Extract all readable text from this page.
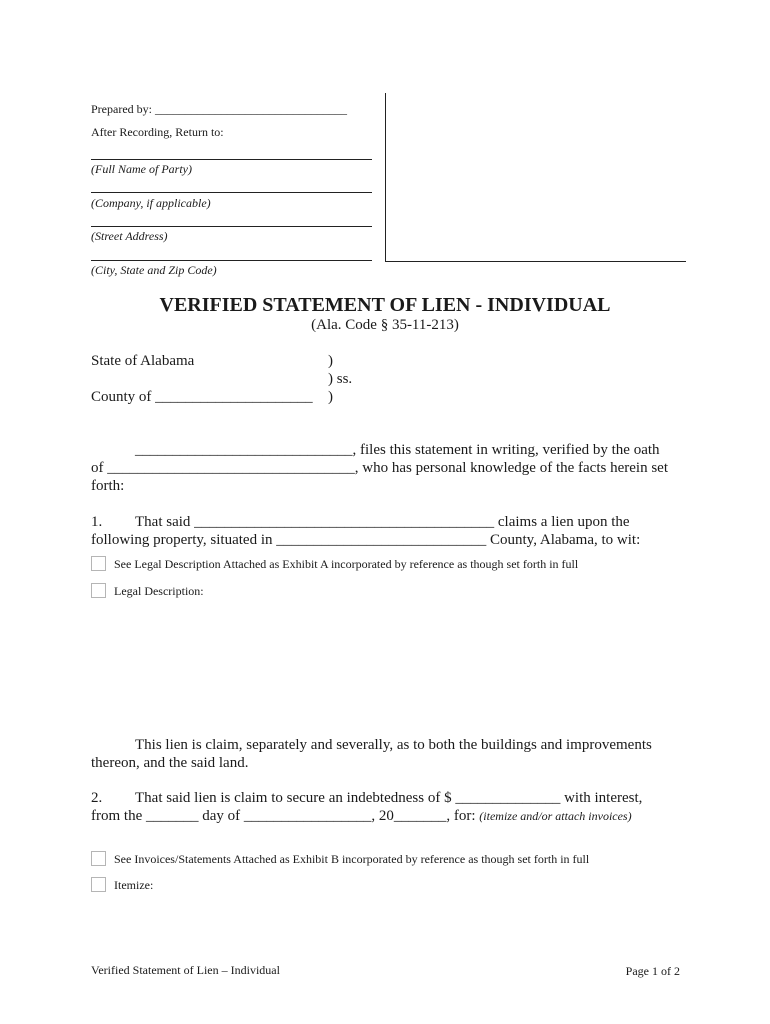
Prepared by: ________________________________
After Recording, Return to:
(Full Name of Party)
(Company, if applicable)
(Street Address)
(City, State and Zip Code)
VERIFIED STATEMENT OF LIEN - INDIVIDUAL
(Ala. Code § 35-11-213)
State of Alabama
County of _____________________
)
) ss.
)
_____________________________, files this statement in writing, verified by the oath
of _________________________________, who has personal knowledge of the facts herein set
forth:
1. That said ________________________________________ claims a lien upon the
following property, situated in ____________________________ County, Alabama, to wit:
See Legal Description Attached as Exhibit A incorporated by reference as though set forth in full
Legal Description:
This lien is claim, separately and severally, as to both the buildings and improvements
thereon, and the said land.
2. That said lien is claim to secure an indebtedness of $ ______________ with interest,
from the _______ day of _________________, 20_______, for: (itemize and/or attach invoices)
See Invoices/Statements Attached as Exhibit B incorporated by reference as though set forth in full
Itemize:
Verified Statement of Lien – Individual	Page 1 of 2
